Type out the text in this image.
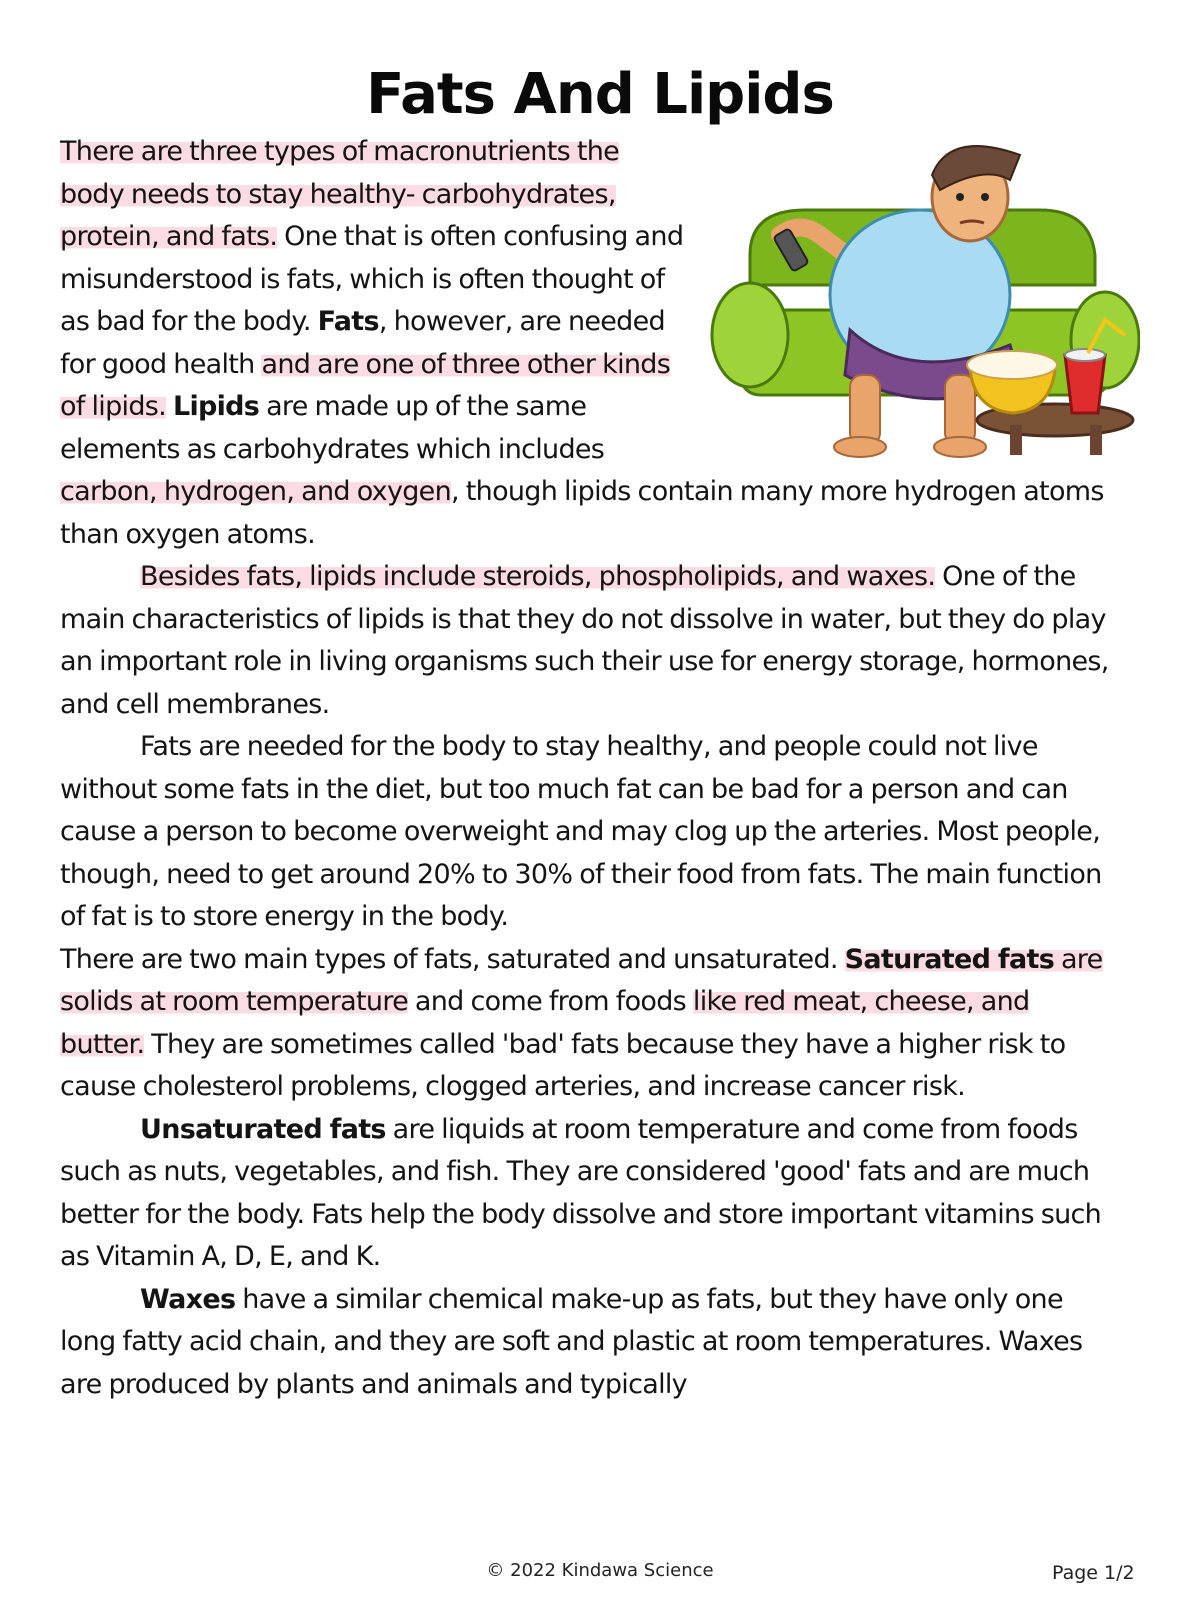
Fats And Lipids

There are three types of macronutrients the body needs to stay healthy- carbohydrates, protein, and fats. One that is often confusing and misunderstood is fats, which is often thought of as bad for the body. Fats, however, are needed for good health and are one of three other kinds of lipids. Lipids are made up of the same elements as carbohydrates which includes carbon, hydrogen, and oxygen, though lipids contain many more hydrogen atoms than oxygen atoms.

Besides fats, lipids include steroids, phospholipids, and waxes. One of the main characteristics of lipids is that they do not dissolve in water, but they do play an important role in living organisms such their use for energy storage, hormones, and cell membranes.

Fats are needed for the body to stay healthy, and people could not live without some fats in the diet, but too much fat can be bad for a person and can cause a person to become overweight and may clog up the arteries. Most people, though, need to get around 20% to 30% of their food from fats. The main function of fat is to store energy in the body.

There are two main types of fats, saturated and unsaturated. Saturated fats are solids at room temperature and come from foods like red meat, cheese, and butter. They are sometimes called 'bad' fats because they have a higher risk to cause cholesterol problems, clogged arteries, and increase cancer risk.

Unsaturated fats are liquids at room temperature and come from foods such as nuts, vegetables, and fish. They are considered 'good' fats and are much better for the body. Fats help the body dissolve and store important vitamins such as Vitamin A, D, E, and K.

Waxes have a similar chemical make-up as fats, but they have only one long fatty acid chain, and they are soft and plastic at room temperatures. Waxes are produced by plants and animals and typically

© 2022 Kindawa Science	Page 1/2
